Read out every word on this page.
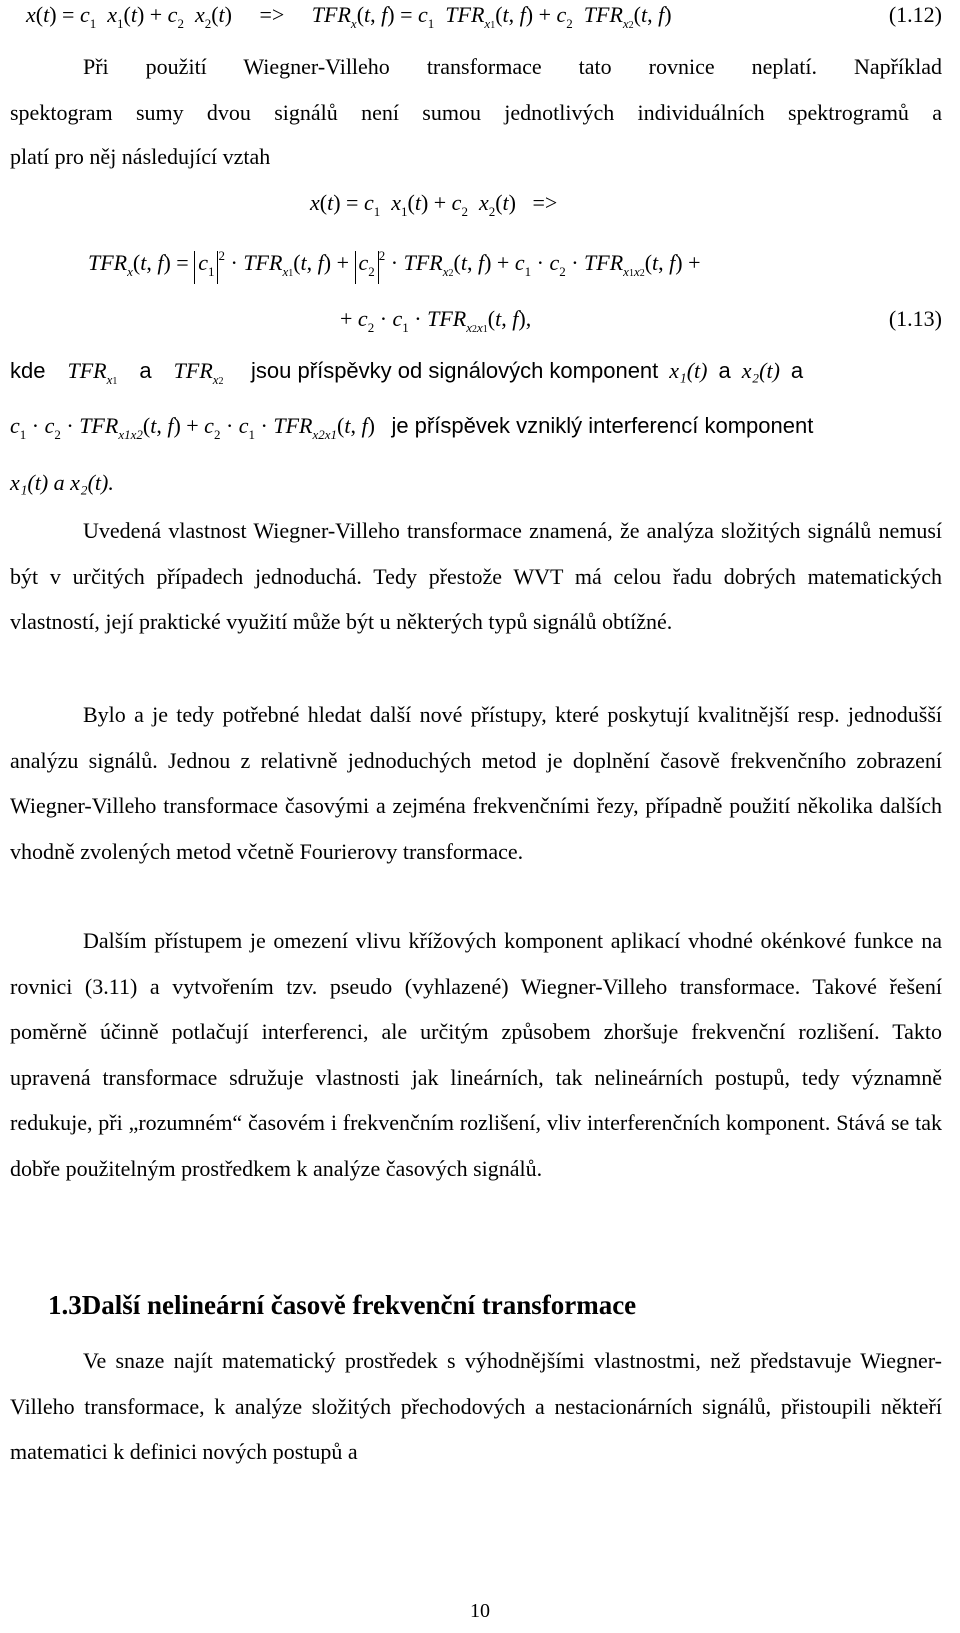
$x(t) = c_1$ $x_1(t) + c_2$ $x_2(t)$     =>     $TFR_x(t$, $f) = c_1$ $TFR_{x1}(t$, $f) + c_2$ $TFR_{x2}(t$, f)	(1.12)
Při použití Wiegner-Villeho transformace tato rovnice neplatí. Například
spektogram sumy dvou signálů není sumou jednotlivých individuálních spektrogramů a
platí pro něj následující vztah
$x(t) = c_1$ $x_1(t) + c_2$ $x_2(t)$   =>
$TFR_x(t$, $f) = c_1^2 \cdot TFR_{x1}(t$, $f) + c_2^2 \cdot TFR_{x2}(t$, $f) + c_1 \cdot c_2 \cdot TFR_{x1x2}(t$, f) +
+ $c_2 \cdot c_1 \cdot TFR_{x2x1}(t$, f),	(1.13)
kde $TFR_{x1}$ a $TFR_{x2}$ jsou příspěvky od signálových komponent x₁(t) a x₂(t) a
$c_1 \cdot c_2 \cdot TFR_{x1x2}(t$, $f) + c_2 \cdot c_1 \cdot TFR_{x2x1}(t$, f)   je příspěvek vzniklý interferencí komponent
x₁(t) a x₂(t).
Uvedená vlastnost Wiegner-Villeho transformace znamená, že analýza složitých signálů nemusí být v určitých případech jednoduchá. Tedy přestože WVT má celou řadu dobrých matematických vlastností, její praktické využití může být u některých typů signálů obtížné.
Bylo a je tedy potřebné hledat další nové přístupy, které poskytují kvalitnější resp. jednodušší analýzu signálů. Jednou z relativně jednoduchých metod je doplnění časově frekvenčního zobrazení Wiegner-Villeho transformace časovými a zejména frekvenčními řezy, případně použití několika dalších vhodně zvolených metod včetně Fourierovy transformace.
Dalším přístupem je omezení vlivu křížových komponent aplikací vhodné okénkové funkce na rovnici (3.11) a vytvořením tzv. pseudo (vyhlazené) Wiegner-Villeho transformace. Takové řešení poměrně účinně potlačují interferenci, ale určitým způsobem zhoršuje frekvenční rozlišení. Takto upravená transformace sdružuje vlastnosti jak lineárních, tak nelineárních postupů, tedy významně redukuje, při „rozumném“ časovém i frekvenčním rozlišení, vliv interferenčních komponent. Stává se tak dobře použitelným prostředkem k analýze časových signálů.
1.3Další nelineární časově frekvenční transformace
Ve snaze najít matematický prostředek s výhodnějšími vlastnostmi, než představuje Wiegner-Villeho transformace, k analýze složitých přechodových a nestacionárních signálů, přistoupili někteří matematici k definici nových postupů a
10
